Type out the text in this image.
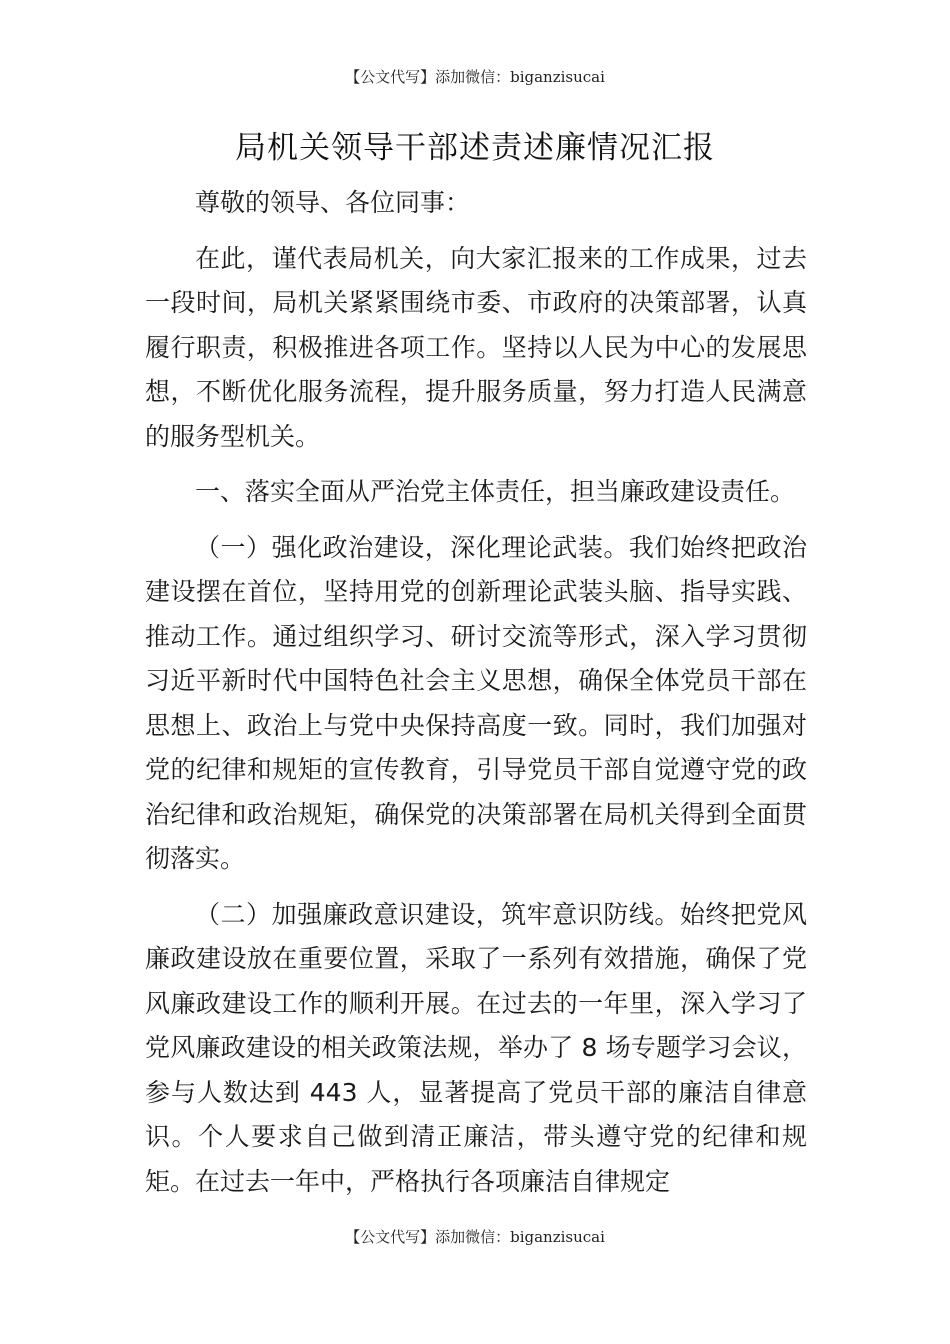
【公文代写】添加微信：biganzisucai
局机关领导干部述责述廉情况汇报

尊敬的领导、各位同事：

在此，谨代表局机关，向大家汇报来的工作成果，过去一段时间，局机关紧紧围绕市委、市政府的决策部署，认真履行职责，积极推进各项工作。坚持以人民为中心的发展思想，不断优化服务流程，提升服务质量，努力打造人民满意的服务型机关。

一、落实全面从严治党主体责任，担当廉政建设责任。

（一）强化政治建设，深化理论武装。我们始终把政治建设摆在首位，坚持用党的创新理论武装头脑、指导实践、推动工作。通过组织学习、研讨交流等形式，深入学习贯彻习近平新时代中国特色社会主义思想，确保全体党员干部在思想上、政治上与党中央保持高度一致。同时，我们加强对党的纪律和规矩的宣传教育，引导党员干部自觉遵守党的政治纪律和政治规矩，确保党的决策部署在局机关得到全面贯彻落实。

（二）加强廉政意识建设，筑牢意识防线。始终把党风廉政建设放在重要位置，采取了一系列有效措施，确保了党风廉政建设工作的顺利开展。在过去的一年里，深入学习了党风廉政建设的相关政策法规，举办了 8 场专题学习会议，参与人数达到 443 人，显著提高了党员干部的廉洁自律意识。个人要求自己做到清正廉洁，带头遵守党的纪律和规矩。在过去一年中，严格执行各项廉洁自律规定

【公文代写】添加微信：biganzisucai
